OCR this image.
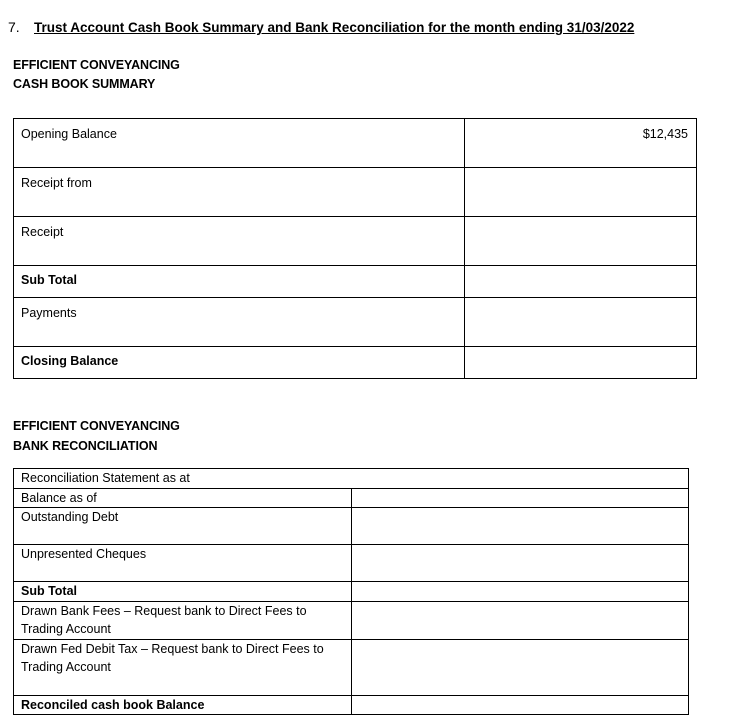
7. Trust Account Cash Book Summary and Bank Reconciliation for the month ending 31/03/2022
EFFICIENT CONVEYANCING
CASH BOOK SUMMARY
Opening Balance	$12,435
Receipt from	
Receipt	
Sub Total	
Payments	
Closing Balance	
EFFICIENT CONVEYANCING
BANK RECONCILIATION
Reconciliation Statement as at	
Balance as of	
Outstanding Debt	
Unpresented Cheques	
Sub Total	
Drawn Bank Fees – Request bank to Direct Fees to Trading Account	
Drawn Fed Debit Tax – Request bank to Direct Fees to Trading Account	
Reconciled cash book Balance	
